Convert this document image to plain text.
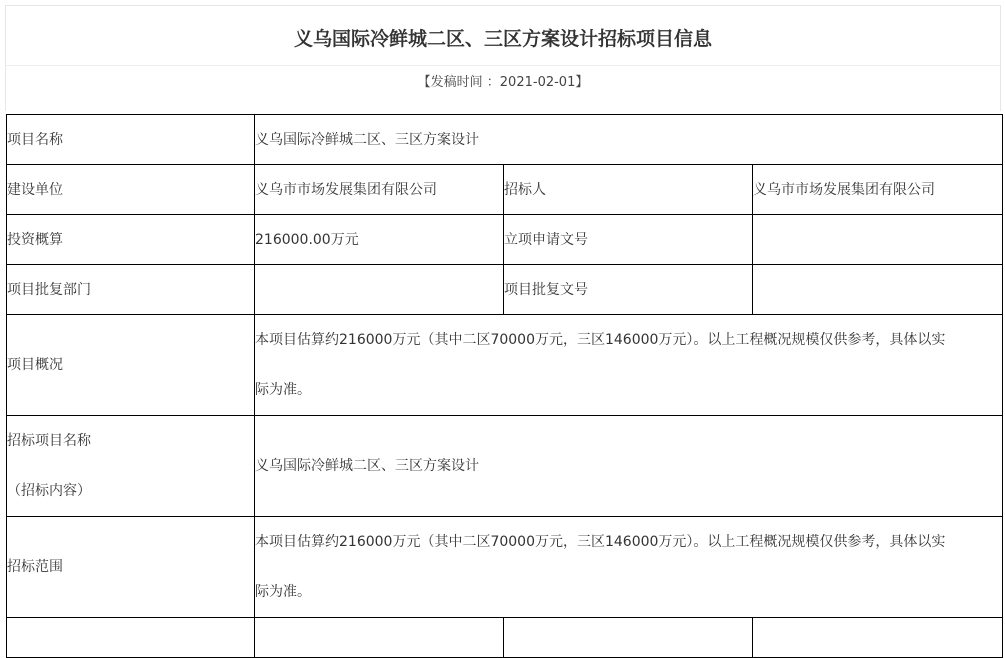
义乌国际冷鲜城二区、三区方案设计招标项目信息
【发稿时间 ：2021-02-01】
项目名称	义乌国际冷鲜城二区、三区方案设计		
建设单位	义乌市市场发展集团有限公司	招标人	义乌市市场发展集团有限公司
投资概算	216000.00万元	立项申请文号	
项目批复部门		项目批复文号	
项目概况	本项目估算约216000万元（其中二区70000万元，三区146000万元）。以上工程概况规模仅供参考，具体以实
际为准。		

招标项目名称
（招标内容）	义乌国际冷鲜城二区、三区方案设计		
招标范围	本项目估算约216000万元（其中二区70000万元，三区146000万元）。以上工程概况规模仅供参考，具体以实
际为准。		
